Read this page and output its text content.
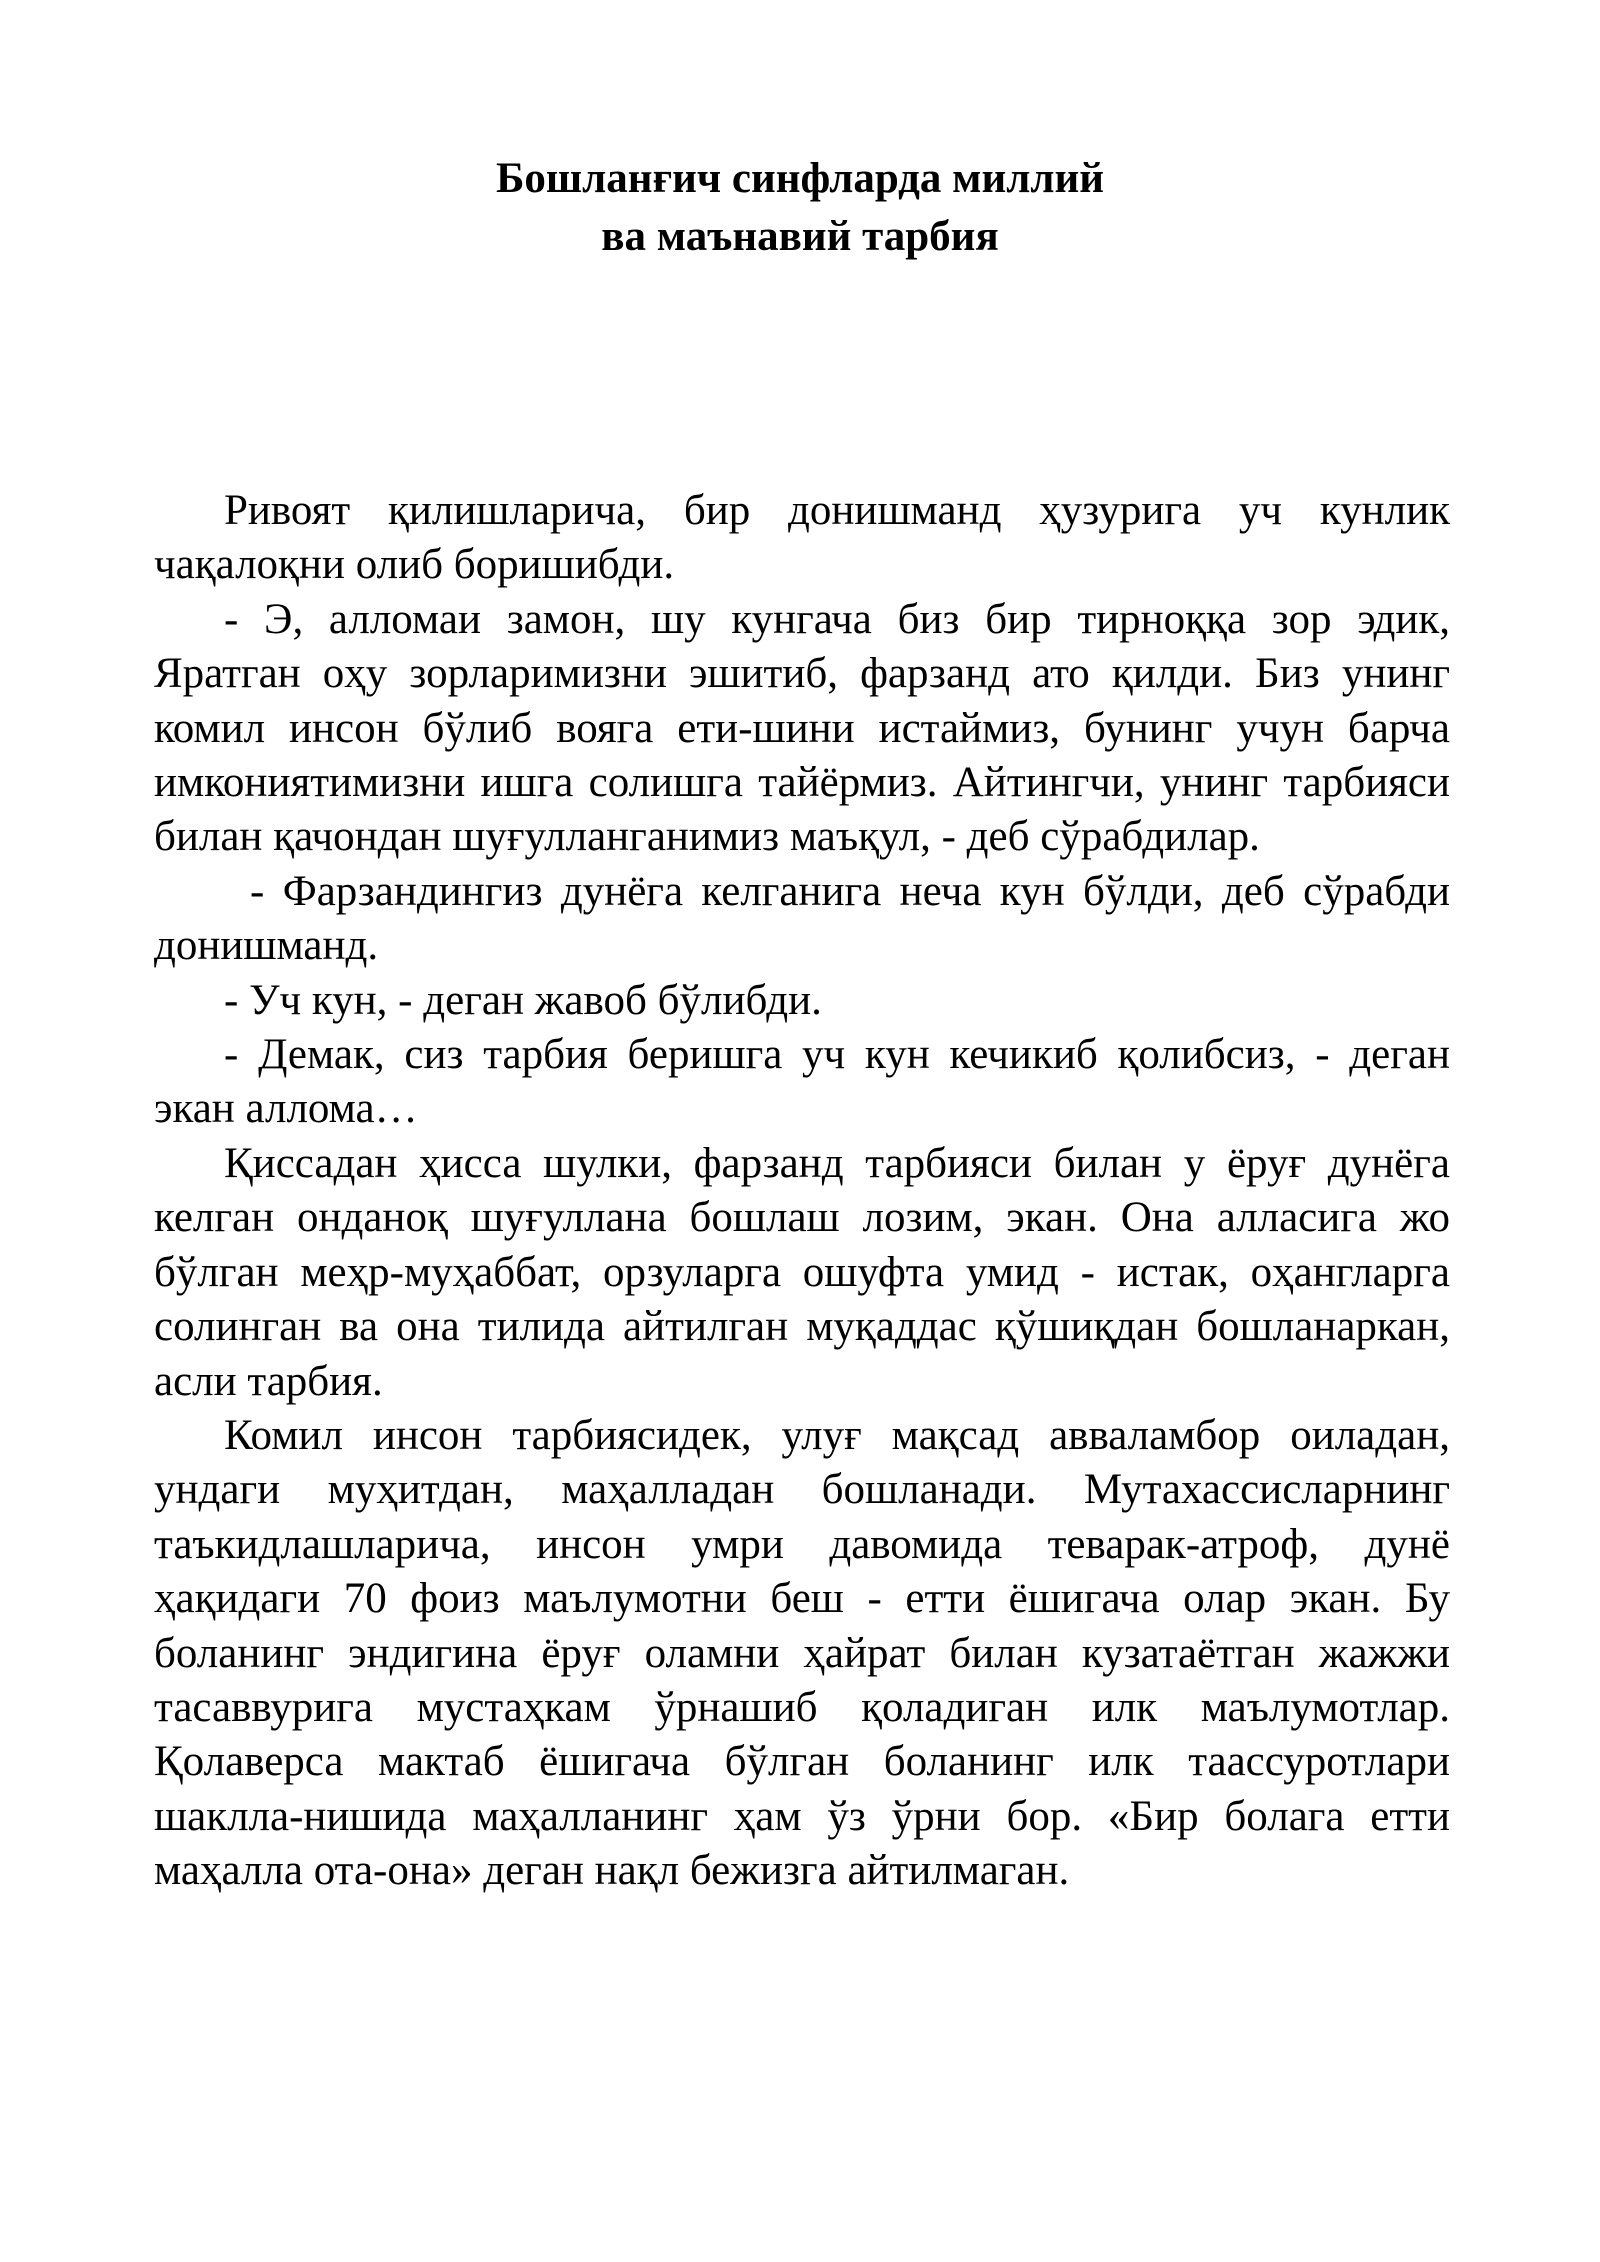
Бошланғич синфларда миллий
ва маънавий тарбия

Ривоят қилишларича, бир донишманд ҳузурига уч кунлик чақалоқни олиб боришибди.

- Э, алломаи замон, шу кунгача биз бир тирноққа зор эдик, Яратган оҳу зорларимизни эшитиб, фарзанд ато қилди. Биз унинг комил инсон бўлиб вояга ети-шини истаймиз, бунинг учун барча имкониятимизни ишга солишга тайёрмиз. Айтингчи, унинг тарбияси билан қачондан шуғулланганимиз маъқул, - деб сўрабдилар.

- Фарзандингиз дунёга келганига неча кун бўлди, деб сўрабди донишманд.

- Уч кун, - деган жавоб бўлибди.

- Демак, сиз тарбия беришга уч кун кечикиб қолибсиз, - деган экан аллома…

Қиссадан ҳисса шулки, фарзанд тарбияси билан у ёруғ дунёга келган онданоқ шуғуллана бошлаш лозим, экан. Она алласига жо бўлган меҳр-муҳаббат, орзуларга ошуфта умид - истак, оҳангларга солинган ва она тилида айтилган муқаддас қўшиқдан бошланаркан, асли тарбия.

Комил инсон тарбиясидек, улуғ мақсад авваламбор оиладан, ундаги муҳитдан, маҳалладан бошланади. Мутахассисларнинг таъкидлашларича, инсон умри давомида теварак-атроф, дунё ҳақидаги 70 фоиз маълумотни беш - етти ёшигача олар экан. Бу боланинг эндигина ёруғ оламни ҳайрат билан кузатаётган жажжи тасаввурига мустаҳкам ўрнашиб қоладиган илк маълумотлар. Қолаверса мактаб ёшигача бўлган боланинг илк таассуротлари шаклла-нишида маҳалланинг ҳам ўз ўрни бор. «Бир болага етти маҳалла ота-она» деган нақл бежизга айтилмаган.
